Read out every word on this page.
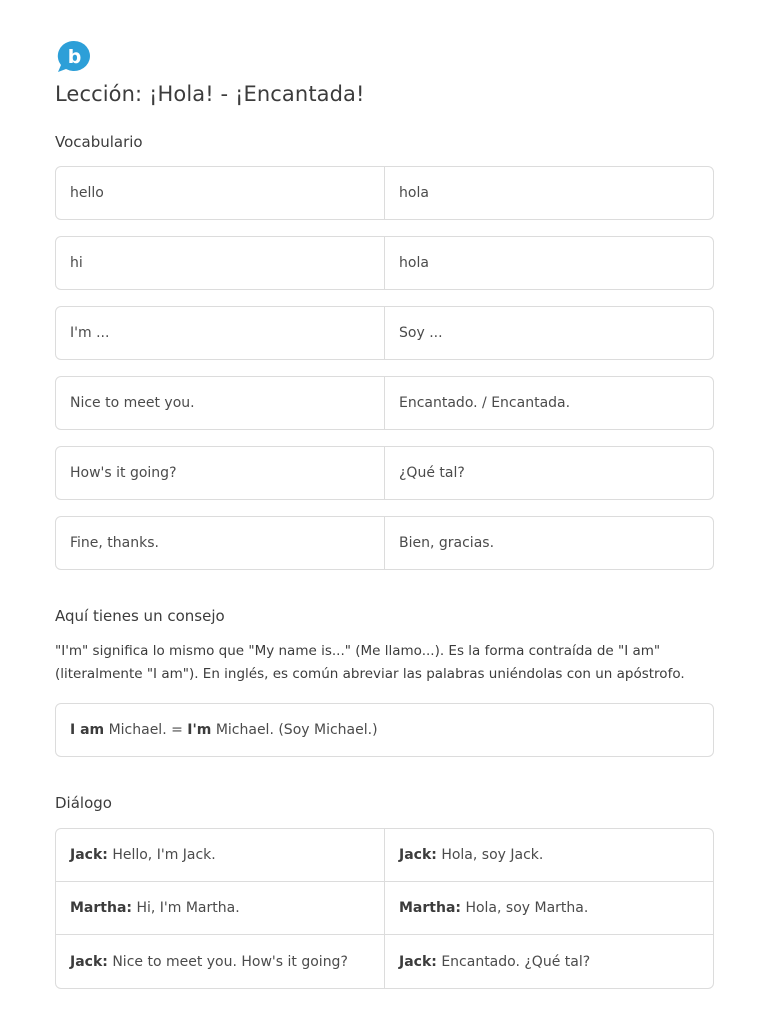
b
Lección: ¡Hola! - ¡Encantada!
Vocabulario
hello	hola
hi	hola
I'm ...	Soy ...
Nice to meet you.	Encantado. / Encantada.
How's it going?	¿Qué tal?
Fine, thanks.	Bien, gracias.
Aquí tienes un consejo
"I'm" significa lo mismo que "My name is..." (Me llamo...). Es la forma contraída de "I am"
(literalmente "I am"). En inglés, es común abreviar las palabras uniéndolas con un apóstrofo.
I am Michael. = I'm Michael. (Soy Michael.)
Diálogo
Jack: Hello, I'm Jack.	Jack: Hola, soy Jack.
Martha: Hi, I'm Martha.	Martha: Hola, soy Martha.
Jack: Nice to meet you. How's it going?	Jack: Encantado. ¿Qué tal?
